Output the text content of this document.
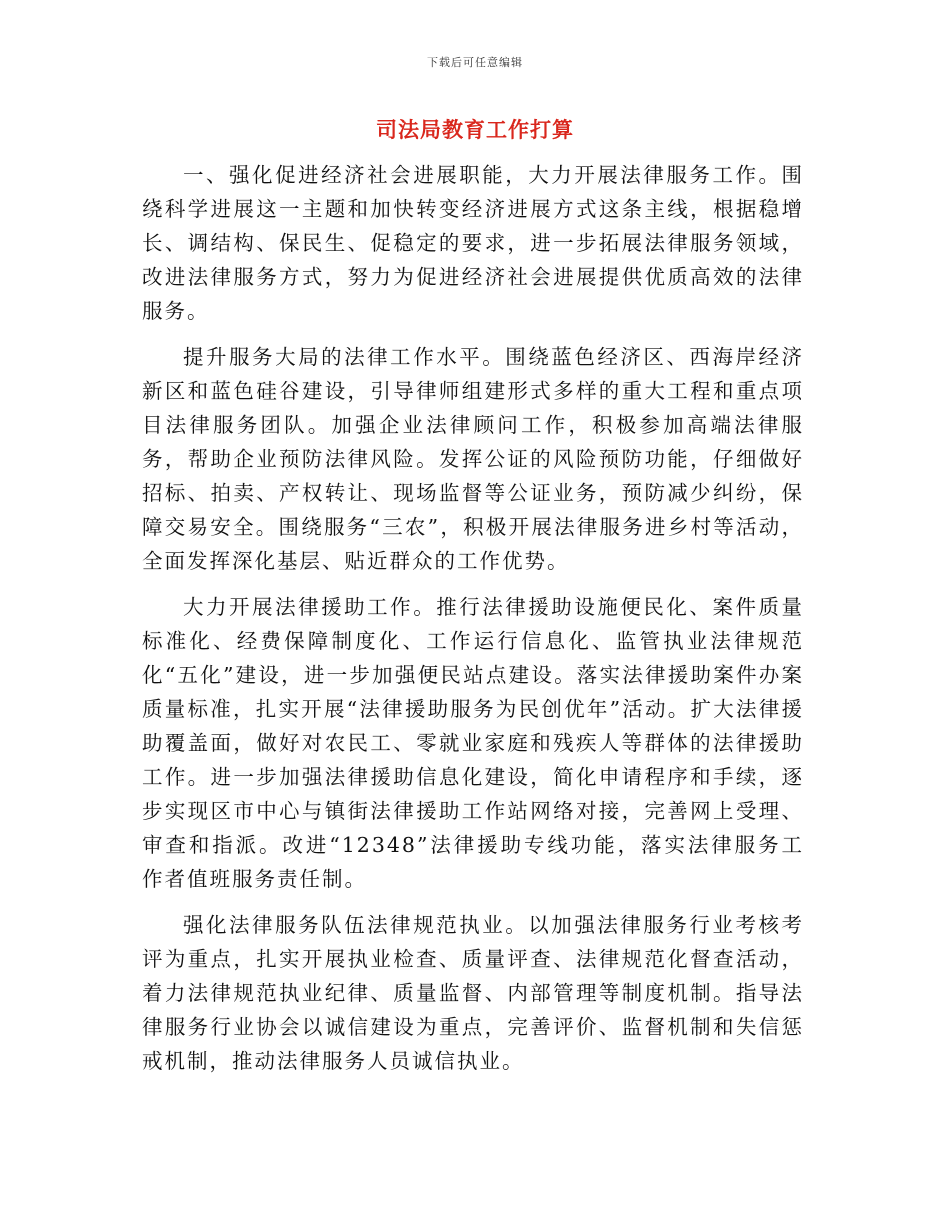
下载后可任意编辑
司法局教育工作打算

一、强化促进经济社会进展职能，大力开展法律服务工作。围绕科学进展这一主题和加快转变经济进展方式这条主线，根据稳增长、调结构、保民生、促稳定的要求，进一步拓展法律服务领域，改进法律服务方式，努力为促进经济社会进展提供优质高效的法律服务。

提升服务大局的法律工作水平。围绕蓝色经济区、西海岸经济新区和蓝色硅谷建设，引导律师组建形式多样的重大工程和重点项目法律服务团队。加强企业法律顾问工作，积极参加高端法律服务，帮助企业预防法律风险。发挥公证的风险预防功能，仔细做好招标、拍卖、产权转让、现场监督等公证业务，预防减少纠纷，保障交易安全。围绕服务“三农”，积极开展法律服务进乡村等活动，全面发挥深化基层、贴近群众的工作优势。

大力开展法律援助工作。推行法律援助设施便民化、案件质量标准化、经费保障制度化、工作运行信息化、监管执业法律规范化“五化”建设，进一步加强便民站点建设。落实法律援助案件办案质量标准，扎实开展“法律援助服务为民创优年”活动。扩大法律援助覆盖面，做好对农民工、零就业家庭和残疾人等群体的法律援助工作。进一步加强法律援助信息化建设，简化申请程序和手续，逐步实现区市中心与镇街法律援助工作站网络对接，完善网上受理、审查和指派。改进“12348”法律援助专线功能，落实法律服务工作者值班服务责任制。

强化法律服务队伍法律规范执业。以加强法律服务行业考核考评为重点，扎实开展执业检查、质量评查、法律规范化督查活动，着力法律规范执业纪律、质量监督、内部管理等制度机制。指导法律服务行业协会以诚信建设为重点，完善评价、监督机制和失信惩戒机制，推动法律服务人员诚信执业。
